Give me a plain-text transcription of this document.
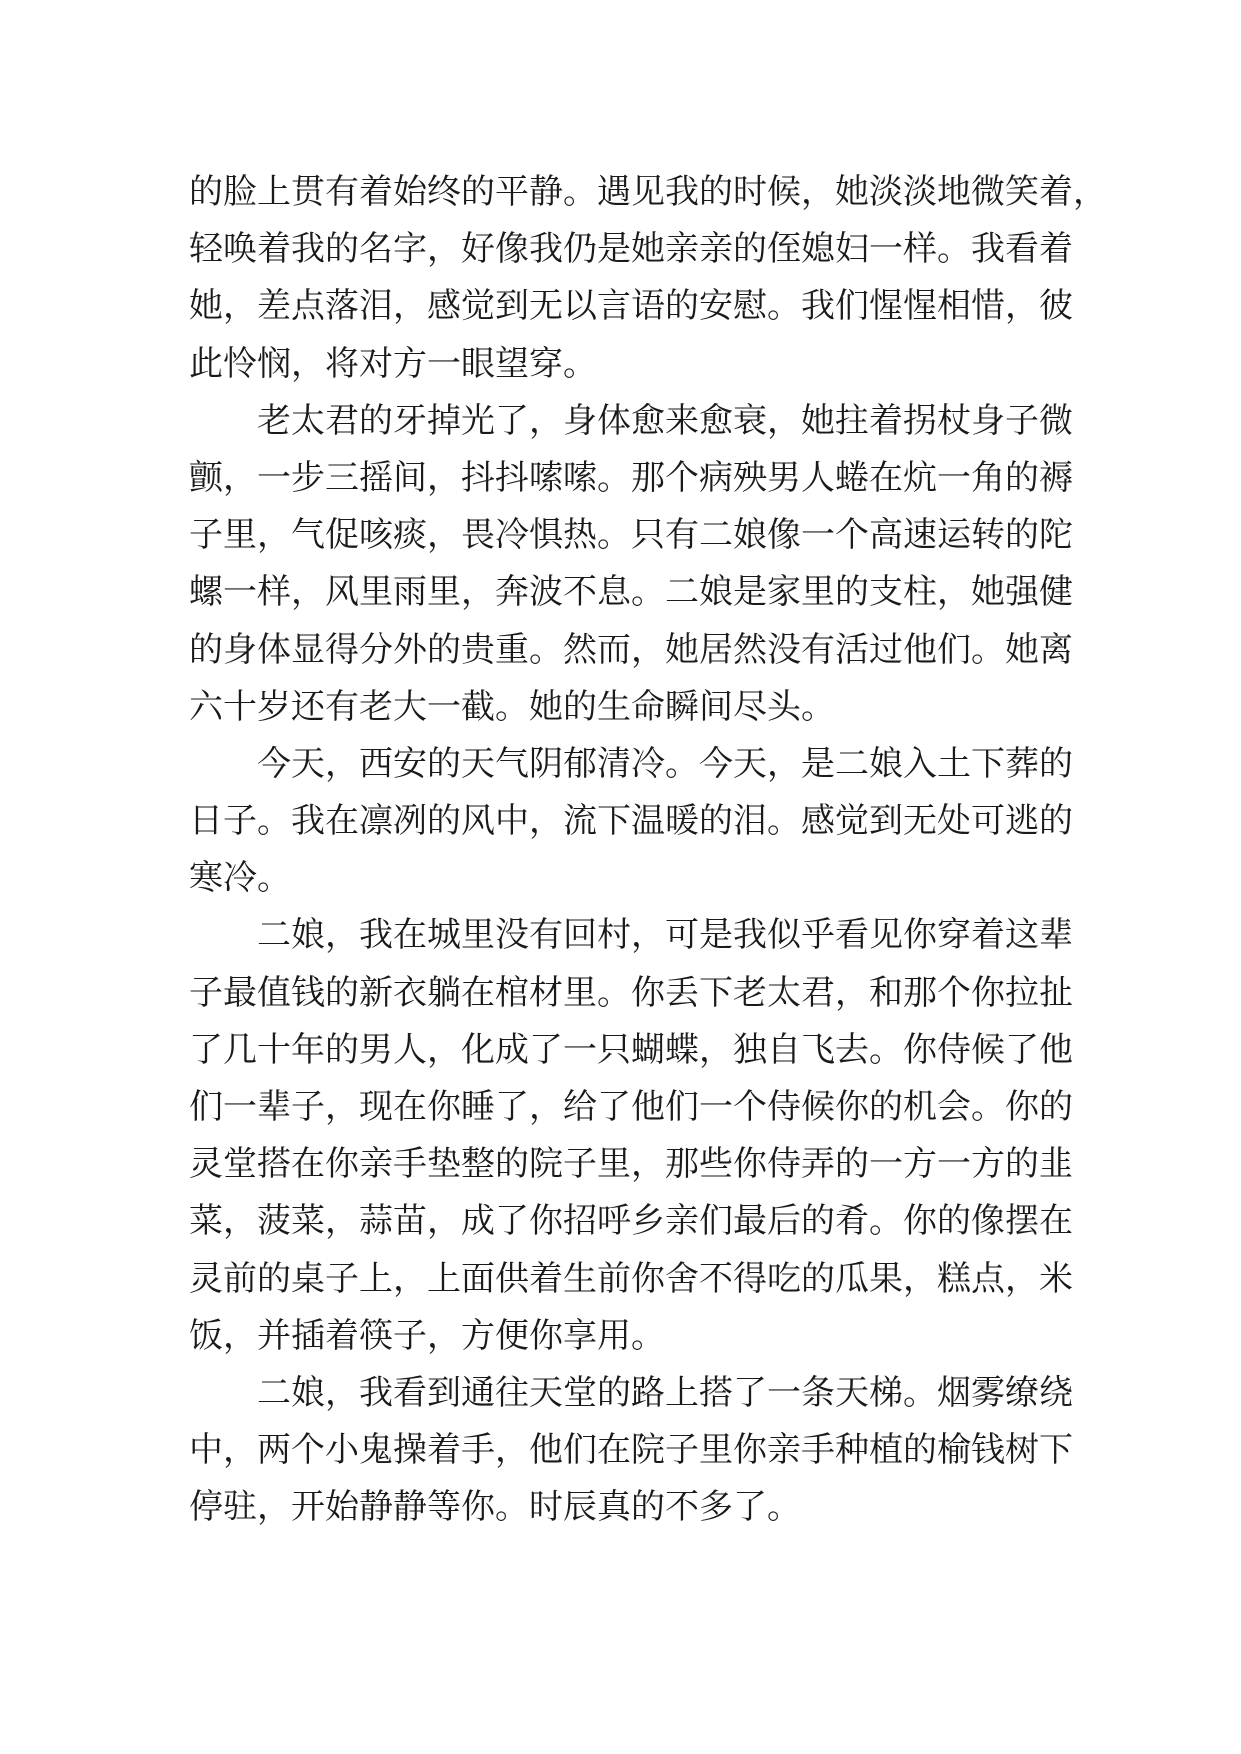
的脸上贯有着始终的平静。遇见我的时候，她淡淡地微笑着，
轻唤着我的名字，好像我仍是她亲亲的侄媳妇一样。我看着
她，差点落泪，感觉到无以言语的安慰。我们惺惺相惜，彼
此怜悯，将对方一眼望穿。

老太君的牙掉光了，身体愈来愈衰，她拄着拐杖身子微
颤，一步三摇间，抖抖嗦嗦。那个病殃男人蜷在炕一角的褥
子里，气促咳痰，畏冷惧热。只有二娘像一个高速运转的陀
螺一样，风里雨里，奔波不息。二娘是家里的支柱，她强健
的身体显得分外的贵重。然而，她居然没有活过他们。她离
六十岁还有老大一截。她的生命瞬间尽头。

今天，西安的天气阴郁清冷。今天，是二娘入土下葬的
日子。我在凛冽的风中，流下温暖的泪。感觉到无处可逃的
寒冷。

二娘，我在城里没有回村，可是我似乎看见你穿着这辈
子最值钱的新衣躺在棺材里。你丢下老太君，和那个你拉扯
了几十年的男人，化成了一只蝴蝶，独自飞去。你侍候了他
们一辈子，现在你睡了，给了他们一个侍候你的机会。你的
灵堂搭在你亲手垫整的院子里，那些你侍弄的一方一方的韭
菜，菠菜，蒜苗，成了你招呼乡亲们最后的肴。你的像摆在
灵前的桌子上，上面供着生前你舍不得吃的瓜果，糕点，米
饭，并插着筷子，方便你享用。

二娘，我看到通往天堂的路上搭了一条天梯。烟雾缭绕
中，两个小鬼操着手，他们在院子里你亲手种植的榆钱树下
停驻，开始静静等你。时辰真的不多了。
